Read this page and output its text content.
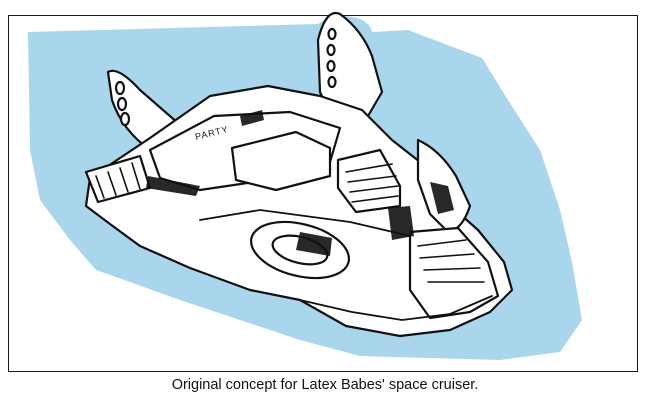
PARTY
Original concept for Latex Babes' space cruiser.
